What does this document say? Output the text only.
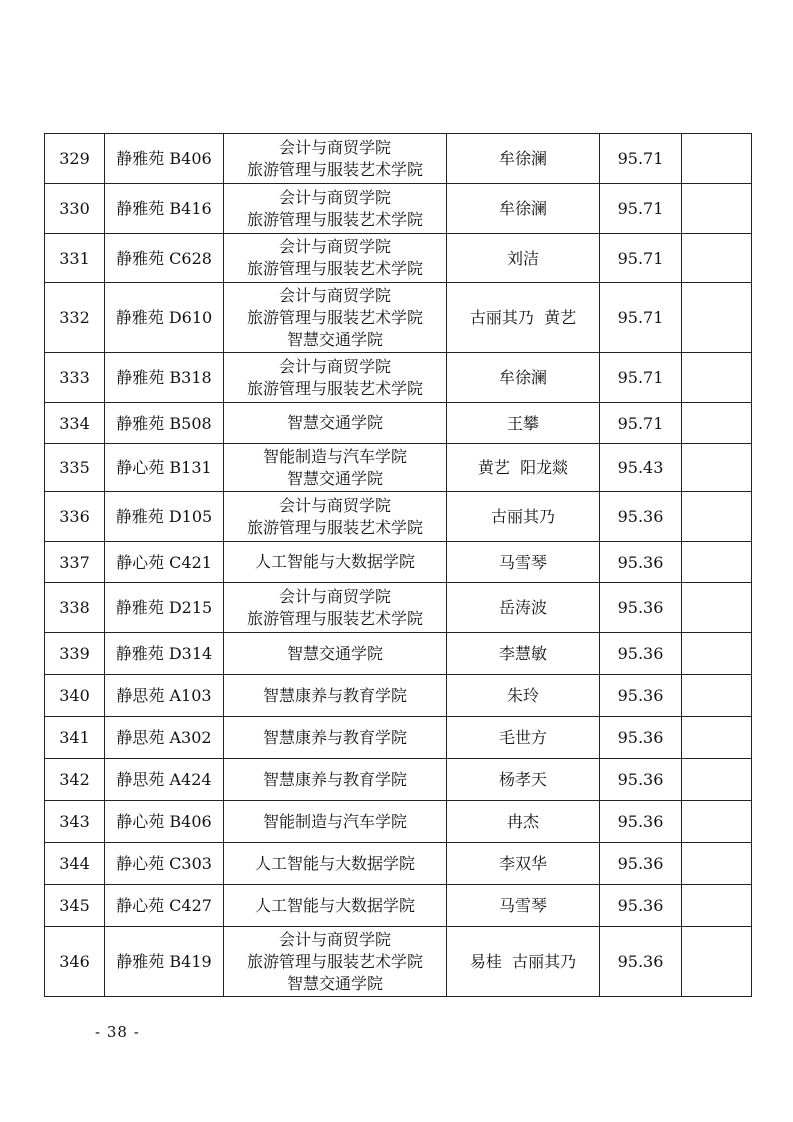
329	静雅苑 B406	会计与商贸学院
旅游管理与服装艺术学院	牟徐澜	95.71	
330	静雅苑 B416	会计与商贸学院
旅游管理与服装艺术学院	牟徐澜	95.71	
331	静雅苑 C628	会计与商贸学院
旅游管理与服装艺术学院	刘洁	95.71	
332	静雅苑 D610	会计与商贸学院
旅游管理与服装艺术学院
智慧交通学院	古丽其乃  黄艺	95.71	
333	静雅苑 B318	会计与商贸学院
旅游管理与服装艺术学院	牟徐澜	95.71	
334	静雅苑 B508	智慧交通学院	王攀	95.71	
335	静心苑 B131	智能制造与汽车学院
智慧交通学院	黄艺  阳龙燚	95.43	
336	静雅苑 D105	会计与商贸学院
旅游管理与服装艺术学院	古丽其乃	95.36	
337	静心苑 C421	人工智能与大数据学院	马雪琴	95.36	
338	静雅苑 D215	会计与商贸学院
旅游管理与服装艺术学院	岳涛波	95.36	
339	静雅苑 D314	智慧交通学院	李慧敏	95.36	
340	静思苑 A103	智慧康养与教育学院	朱玲	95.36	
341	静思苑 A302	智慧康养与教育学院	毛世方	95.36	
342	静思苑 A424	智慧康养与教育学院	杨孝天	95.36	
343	静心苑 B406	智能制造与汽车学院	冉杰	95.36	
344	静心苑 C303	人工智能与大数据学院	李双华	95.36	
345	静心苑 C427	人工智能与大数据学院	马雪琴	95.36	
346	静雅苑 B419	会计与商贸学院
旅游管理与服装艺术学院
智慧交通学院	易桂  古丽其乃	95.36	
- 38 -
